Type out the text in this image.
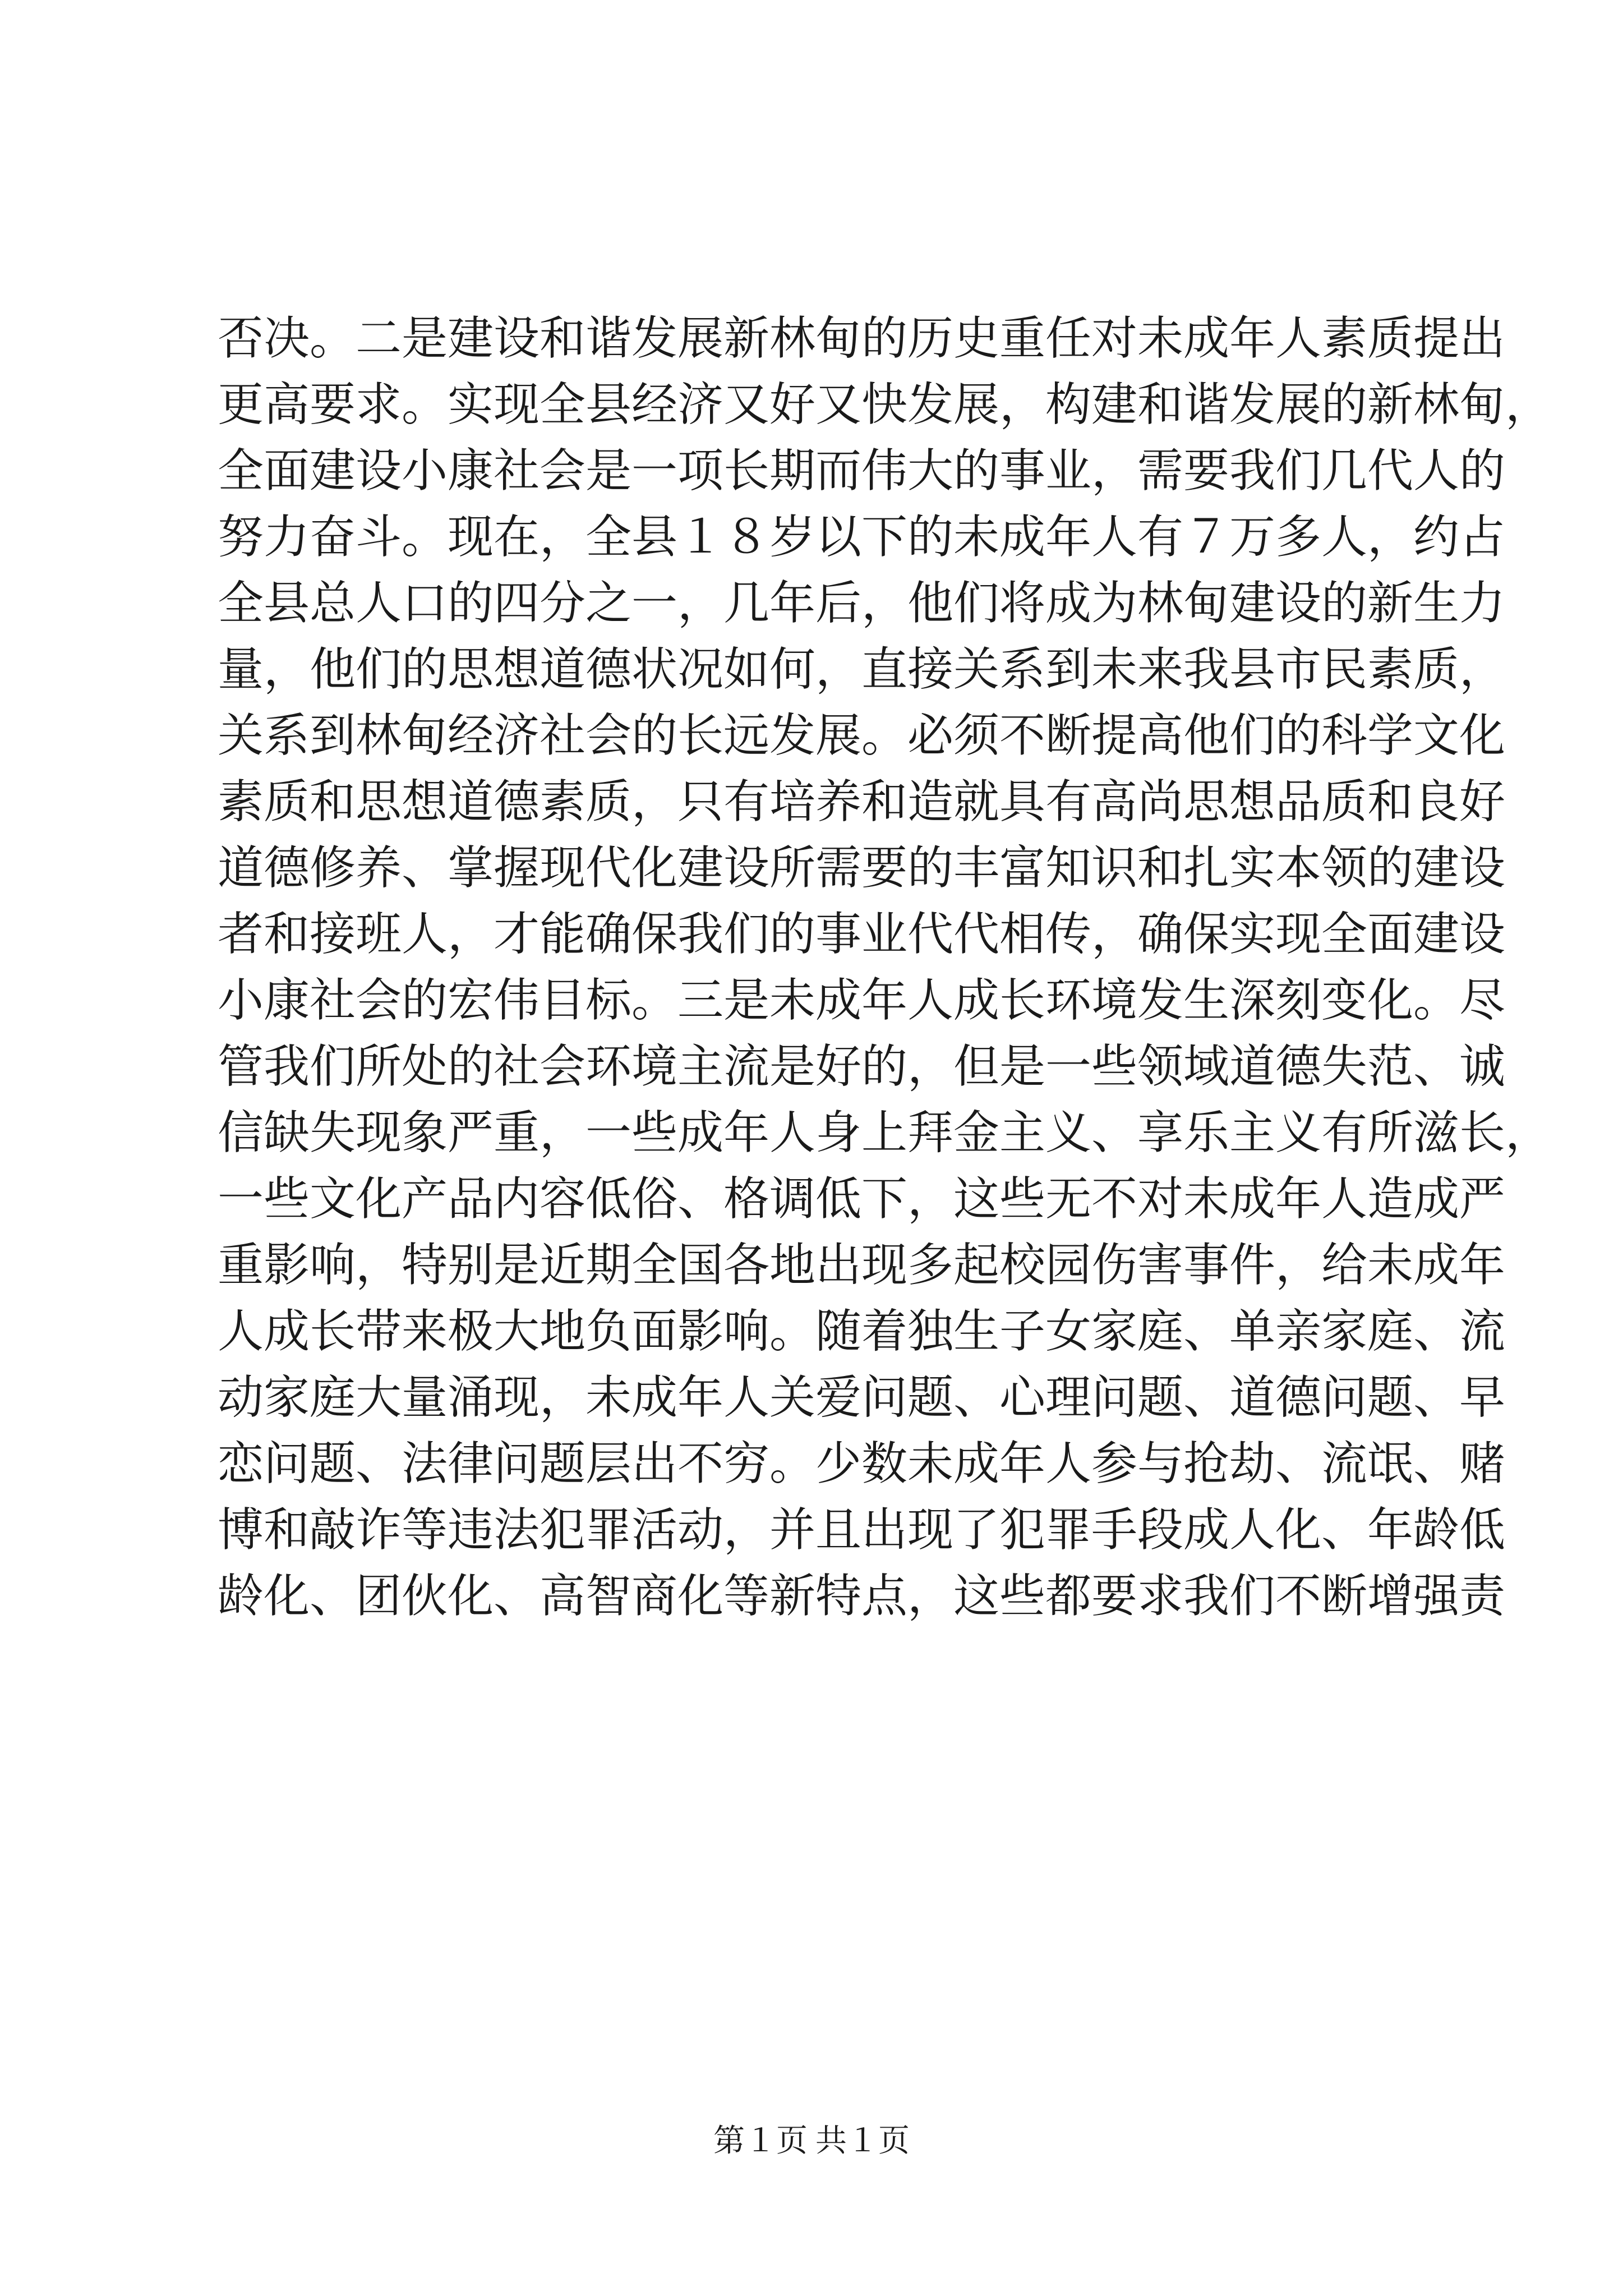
否决。二是建设和谐发展新林甸的历史重任对未成年人素质提出
更高要求。实现全县经济又好又快发展，构建和谐发展的新林甸，
全面建设小康社会是一项长期而伟大的事业，需要我们几代人的
努力奋斗。现在，全县１８岁以下的未成年人有７万多人，约占
全县总人口的四分之一，几年后，他们将成为林甸建设的新生力
量，他们的思想道德状况如何，直接关系到未来我县市民素质，
关系到林甸经济社会的长远发展。必须不断提高他们的科学文化
素质和思想道德素质，只有培养和造就具有高尚思想品质和良好
道德修养、掌握现代化建设所需要的丰富知识和扎实本领的建设
者和接班人，才能确保我们的事业代代相传，确保实现全面建设
小康社会的宏伟目标。三是未成年人成长环境发生深刻变化。尽
管我们所处的社会环境主流是好的，但是一些领域道德失范、诚
信缺失现象严重，一些成年人身上拜金主义、享乐主义有所滋长，
一些文化产品内容低俗、格调低下，这些无不对未成年人造成严
重影响，特别是近期全国各地出现多起校园伤害事件，给未成年
人成长带来极大地负面影响。随着独生子女家庭、单亲家庭、流
动家庭大量涌现，未成年人关爱问题、心理问题、道德问题、早
恋问题、法律问题层出不穷。少数未成年人参与抢劫、流氓、赌
博和敲诈等违法犯罪活动，并且出现了犯罪手段成人化、年龄低
龄化、团伙化、高智商化等新特点，这些都要求我们不断增强责
第１页 共１页
